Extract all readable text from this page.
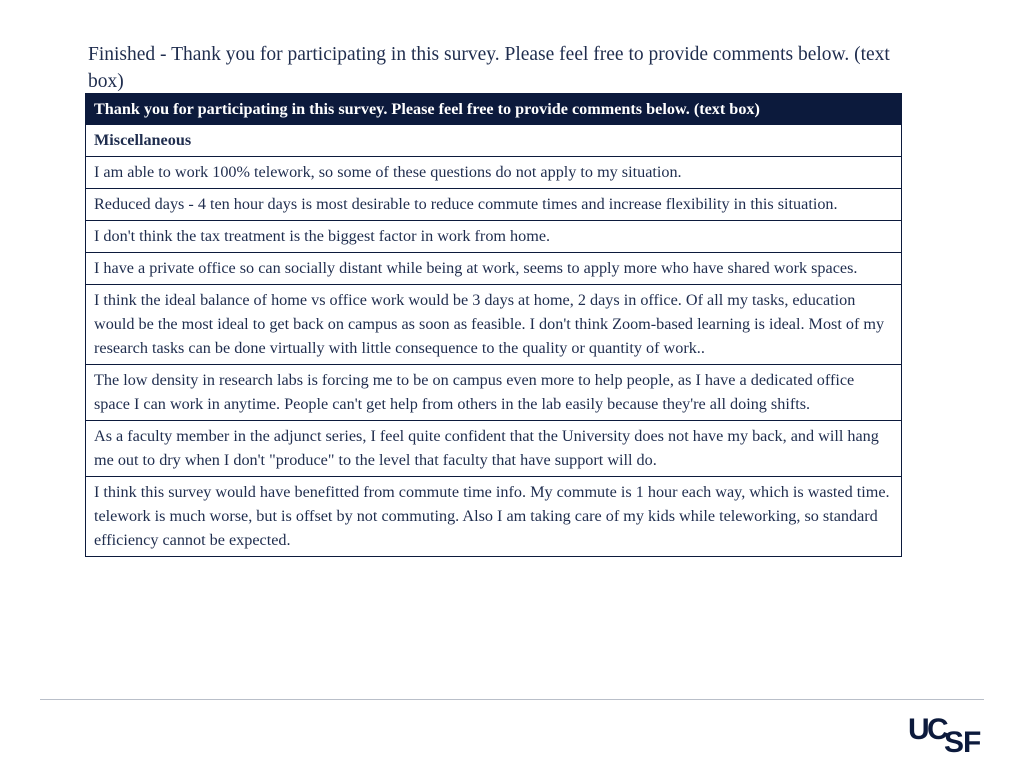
Finished - Thank you for participating in this survey. Please feel free to provide comments below. (text box)
Thank you for participating in this survey. Please feel free to provide comments below. (text box)
Miscellaneous
I am able to work 100% telework, so some of these questions do not apply to my situation.
Reduced days - 4 ten hour days is most desirable to reduce commute times and increase flexibility in this situation.
I don't think the tax treatment is the biggest factor in work from home.
I have a private office so can socially distant while being at work, seems to apply more who have shared work spaces.
I think the ideal balance of home vs office work would be 3 days at home, 2 days in office. Of all my tasks, education would be the most ideal to get back on campus as soon as feasible. I don't think Zoom-based learning is ideal. Most of my research tasks can be done virtually with little consequence to the quality or quantity of work..
The low density in research labs is forcing me to be on campus even more to help people, as I have a dedicated office space I can work in anytime. People can't get help from others in the lab easily because they're all doing shifts.
As a faculty member in the adjunct series, I feel quite confident that the University does not have my back, and will hang me out to dry when I don't "produce" to the level that faculty that have support will do.
I think this survey would have benefitted from commute time info. My commute is 1 hour each way, which is wasted time. telework is much worse, but is offset by not commuting. Also I am taking care of my kids while teleworking, so standard efficiency cannot be expected.
U C
S F
